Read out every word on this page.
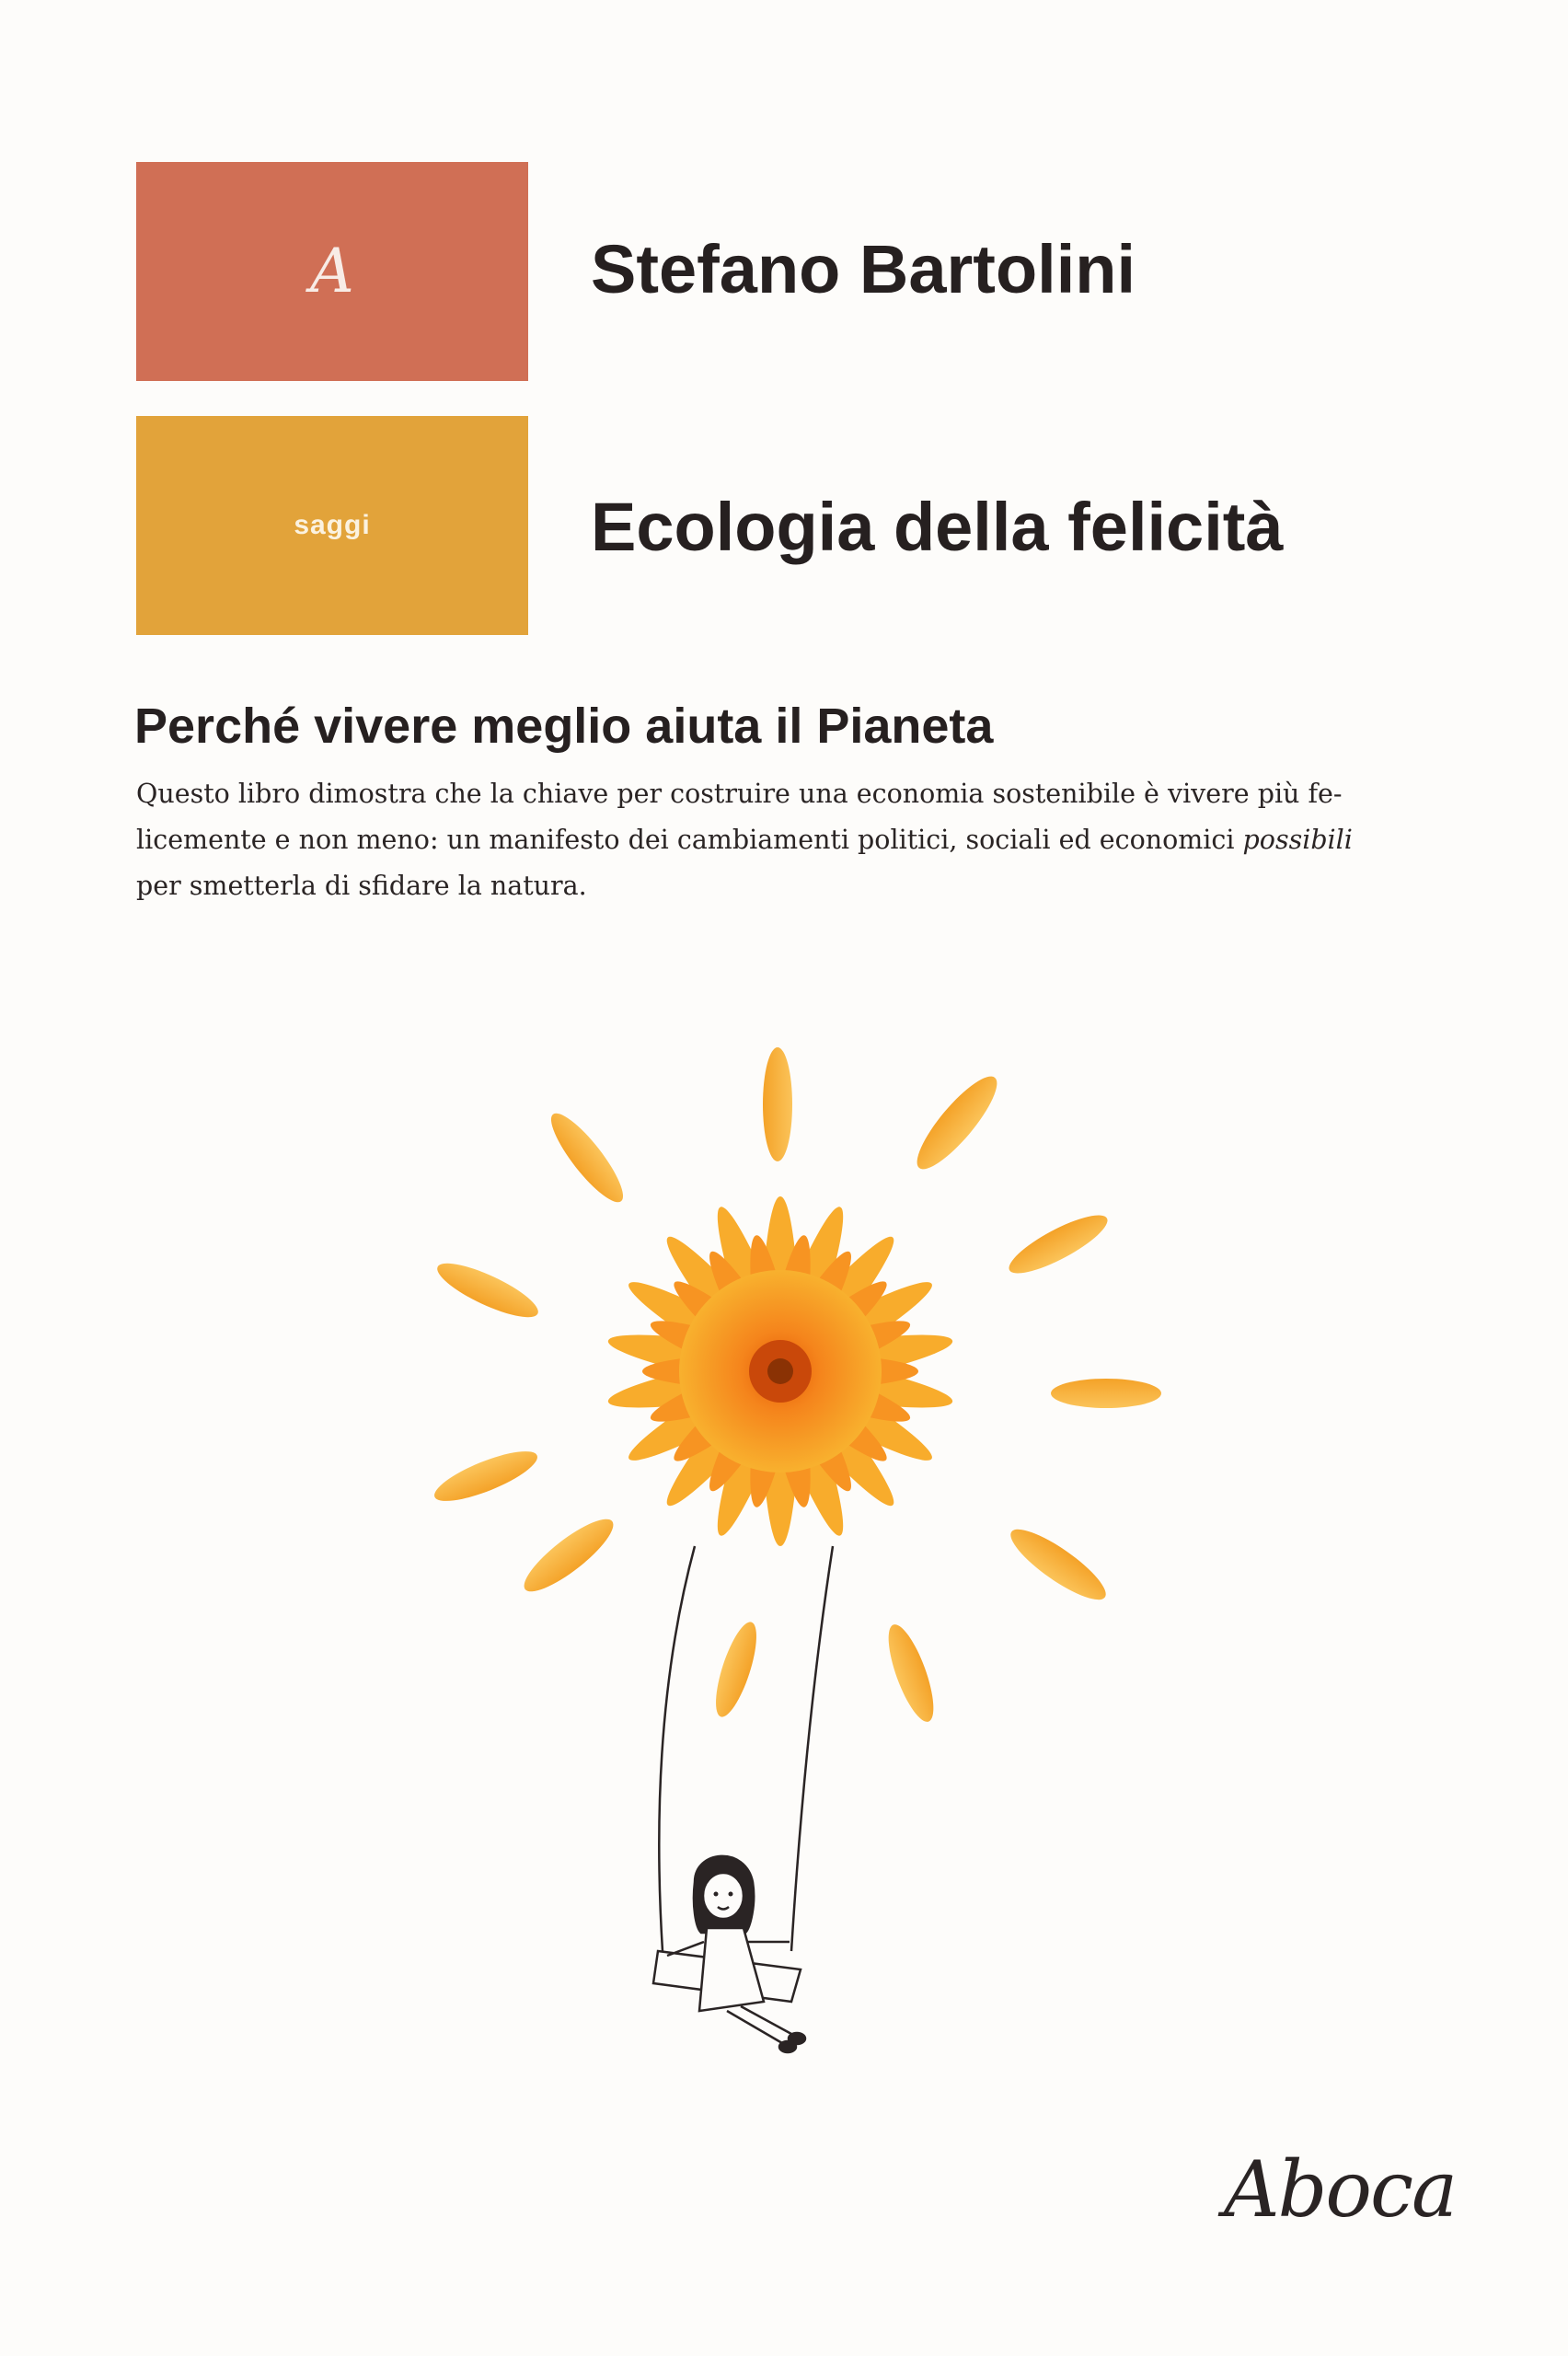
A
saggi
Stefano Bartolini
Ecologia della felicità
Perché vivere meglio aiuta il Pianeta

Questo libro dimostra che la chiave per costruire una economia sostenibile è vivere più fe-

licemente e non meno: un manifesto dei cambiamenti politici, sociali ed economici possibili

per smetterla di sfidare la natura.

Aboca
